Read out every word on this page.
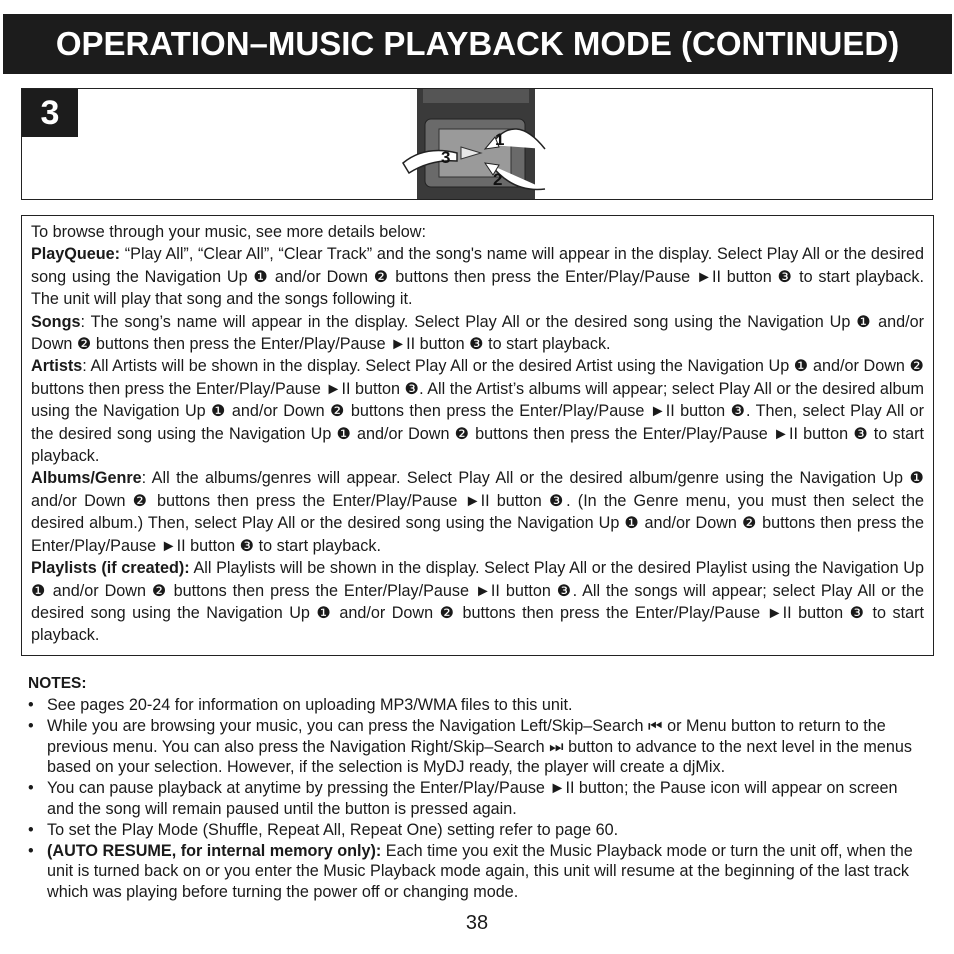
OPERATION–MUSIC PLAYBACK MODE (CONTINUED)
3
1
2
3

To browse through your music, see more details below:

PlayQueue: “Play All”, “Clear All”, “Clear Track” and the song's name will appear in the display. Select Play All or the desired song using the Navigation Up ❶ and/or Down ❷ buttons then press the Enter/Play/Pause ►II button ❸ to start playback. The unit will play that song and the songs following it.

Songs: The song’s name will appear in the display. Select Play All or the desired song using the Navigation Up ❶ and/or Down ❷ buttons then press the Enter/Play/Pause ►II button ❸ to start playback.

Artists: All Artists will be shown in the display. Select Play All or the desired Artist using the Navigation Up ❶ and/or Down ❷ buttons then press the Enter/Play/Pause ►II button ❸. All the Artist’s albums will appear; select Play All or the desired album using the Navigation Up ❶ and/or Down ❷ buttons then press the Enter/Play/Pause ►II button ❸. Then, select Play All or the desired song using the Navigation Up ❶ and/or Down ❷ buttons then press the Enter/Play/Pause ►II button ❸ to start playback.

Albums/Genre: All the albums/genres will appear. Select Play All or the desired album/genre using the Navigation Up ❶ and/or Down ❷ buttons then press the Enter/Play/Pause ►II button ❸. (In the Genre menu, you must then select the desired album.) Then, select Play All or the desired song using the Navigation Up ❶ and/or Down ❷ buttons then press the Enter/Play/Pause ►II button ❸ to start playback.

Playlists (if created): All Playlists will be shown in the display. Select Play All or the desired Playlist using the Navigation Up ❶ and/or Down ❷ buttons then press the Enter/Play/Pause ►II button ❸. All the songs will appear; select Play All or the desired song using the Navigation Up ❶ and/or Down ❷ buttons then press the Enter/Play/Pause ►II button ❸ to start playback.

NOTES:
• See pages 20-24 for information on uploading MP3/WMA files to this unit.
• While you are browsing your music, you can press the Navigation Left/Skip–Search ⏮ or Menu button to return to the previous menu. You can also press the Navigation Right/Skip–Search ⏭ button to advance to the next level in the menus based on your selection. However, if the selection is MyDJ ready, the player will create a djMix.
• You can pause playback at anytime by pressing the Enter/Play/Pause ►II button; the Pause icon will appear on screen and the song will remain paused until the button is pressed again.
• To set the Play Mode (Shuffle, Repeat All, Repeat One) setting refer to page 60.
• (AUTO RESUME, for internal memory only): Each time you exit the Music Playback mode or turn the unit off, when the unit is turned back on or you enter the Music Playback mode again, this unit will resume at the beginning of the last track which was playing before turning the power off or changing mode.
38
